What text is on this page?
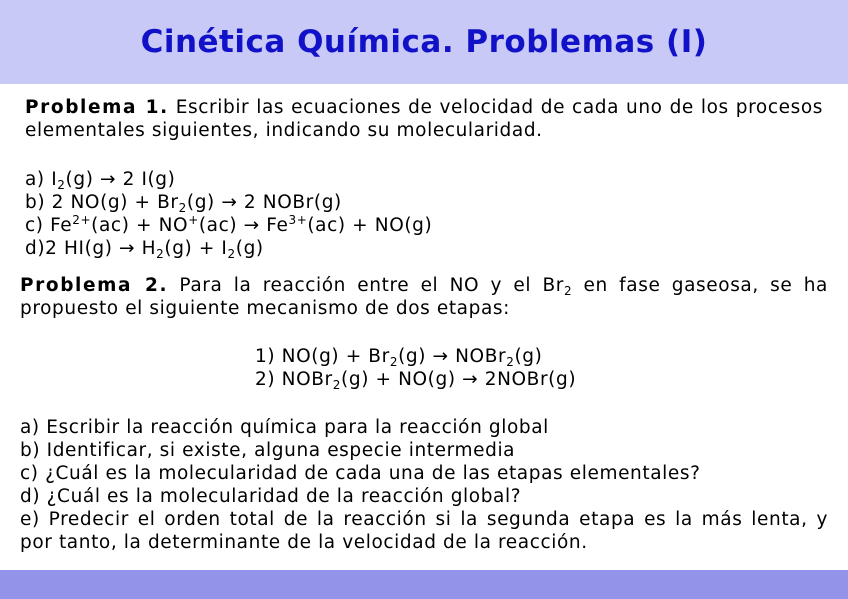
Cinética Química. Problemas (I)
Problema 1. Escribir las ecuaciones de velocidad de cada uno de los procesos elementales siguientes, indicando su molecularidad.
a) $I_2(g) \to 2$ I(g)
b) 2 $NO(g) + Br_2(g) \to 2$ NOBr(g)
c) $Fe^{2+}(ac) + NO^+(ac) \to Fe^{3+}(ac) + NO(g)$
d)2 $HI(g) \to H_2(g) + I_2(g)$
Problema 2. Para la reacción entre el NO y el $Br_2$ en fase gaseosa, se ha propuesto el siguiente mecanismo de dos etapas:
1) $NO(g) + Br_2(g)$ → NOBr$_2$(g)
2) NOBr$_2$(g) + NO(g) → 2NOBr(g)
a) Escribir la reacción química para la reacción global
b) Identificar, si existe, alguna especie intermedia
c) ¿Cuál es la molecularidad de cada una de las etapas elementales?
d) ¿Cuál es la molecularidad de la reacción global?
e) Predecir el orden total de la reacción si la segunda etapa es la más lenta, y por tanto, la determinante de la velocidad de la reacción.
